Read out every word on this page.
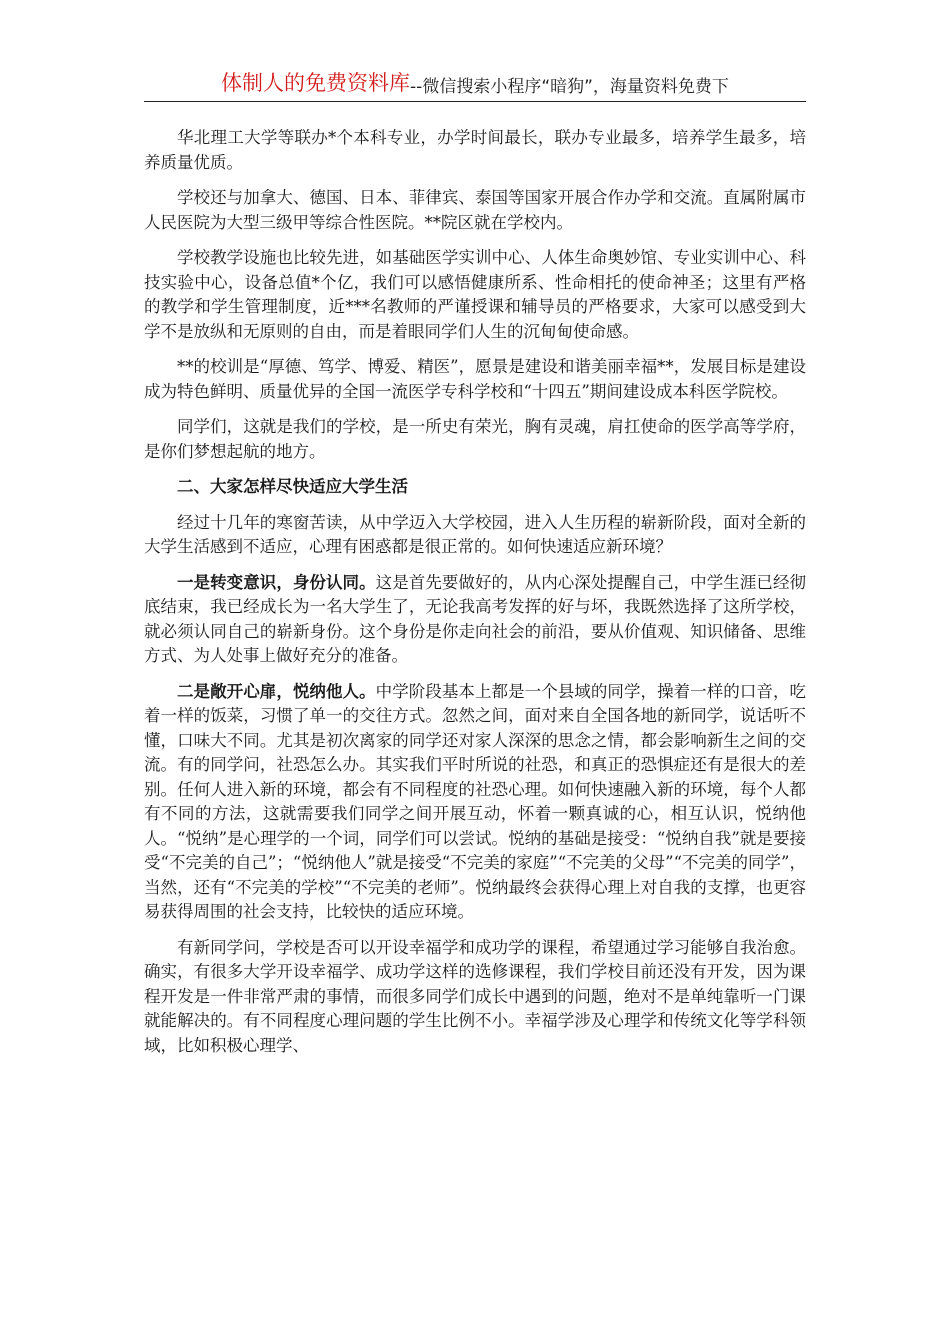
体制人的免费资料库 --微信搜索小程序“暗狗”，海量资料免费下

华北理工大学等联办*个本科专业，办学时间最长，联办专业最多，培养学生最多，培养质量优质。

学校还与加拿大、德国、日本、菲律宾、泰国等国家开展合作办学和交流。直属附属市人民医院为大型三级甲等综合性医院。**院区就在学校内。

学校教学设施也比较先进，如基础医学实训中心、人体生命奥妙馆、专业实训中心、科技实验中心，设备总值*个亿，我们可以感悟健康所系、性命相托的使命神圣；这里有严格的教学和学生管理制度，近***名教师的严谨授课和辅导员的严格要求，大家可以感受到大学不是放纵和无原则的自由，而是着眼同学们人生的沉甸甸使命感。

**的校训是“厚德、笃学、博爱、精医”，愿景是建设和谐美丽幸福**，发展目标是建设成为特色鲜明、质量优异的全国一流医学专科学校和“十四五”期间建设成本科医学院校。

同学们，这就是我们的学校，是一所史有荣光，胸有灵魂，肩扛使命的医学高等学府，是你们梦想起航的地方。

二、大家怎样尽快适应大学生活

经过十几年的寒窗苦读，从中学迈入大学校园，进入人生历程的崭新阶段，面对全新的大学生活感到不适应，心理有困惑都是很正常的。如何快速适应新环境？

一是转变意识，身份认同。这是首先要做好的，从内心深处提醒自己，中学生涯已经彻底结束，我已经成长为一名大学生了，无论我高考发挥的好与坏，我既然选择了这所学校，就必须认同自己的崭新身份。这个身份是你走向社会的前沿，要从价值观、知识储备、思维方式、为人处事上做好充分的准备。

二是敞开心扉，悦纳他人。中学阶段基本上都是一个县域的同学，操着一样的口音，吃着一样的饭菜，习惯了单一的交往方式。忽然之间，面对来自全国各地的新同学，说话听不懂，口味大不同。尤其是初次离家的同学还对家人深深的思念之情，都会影响新生之间的交流。有的同学问，社恐怎么办。其实我们平时所说的社恐，和真正的恐惧症还有是很大的差别。任何人进入新的环境，都会有不同程度的社恐心理。如何快速融入新的环境，每个人都有不同的方法，这就需要我们同学之间开展互动，怀着一颗真诚的心，相互认识，悦纳他人。“悦纳”是心理学的一个词，同学们可以尝试。悦纳的基础是接受：“悦纳自我”就是要接受“不完美的自己”；“悦纳他人”就是接受“不完美的家庭”“不完美的父母”“不完美的同学”，当然，还有“不完美的学校”“不完美的老师”。悦纳最终会获得心理上对自我的支撑，也更容易获得周围的社会支持，比较快的适应环境。

有新同学问，学校是否可以开设幸福学和成功学的课程，希望通过学习能够自我治愈。确实，有很多大学开设幸福学、成功学这样的选修课程，我们学校目前还没有开发，因为课程开发是一件非常严肃的事情，而很多同学们成长中遇到的问题，绝对不是单纯靠听一门课就能解决的。有不同程度心理问题的学生比例不小。幸福学涉及心理学和传统文化等学科领域，比如积极心理学、
